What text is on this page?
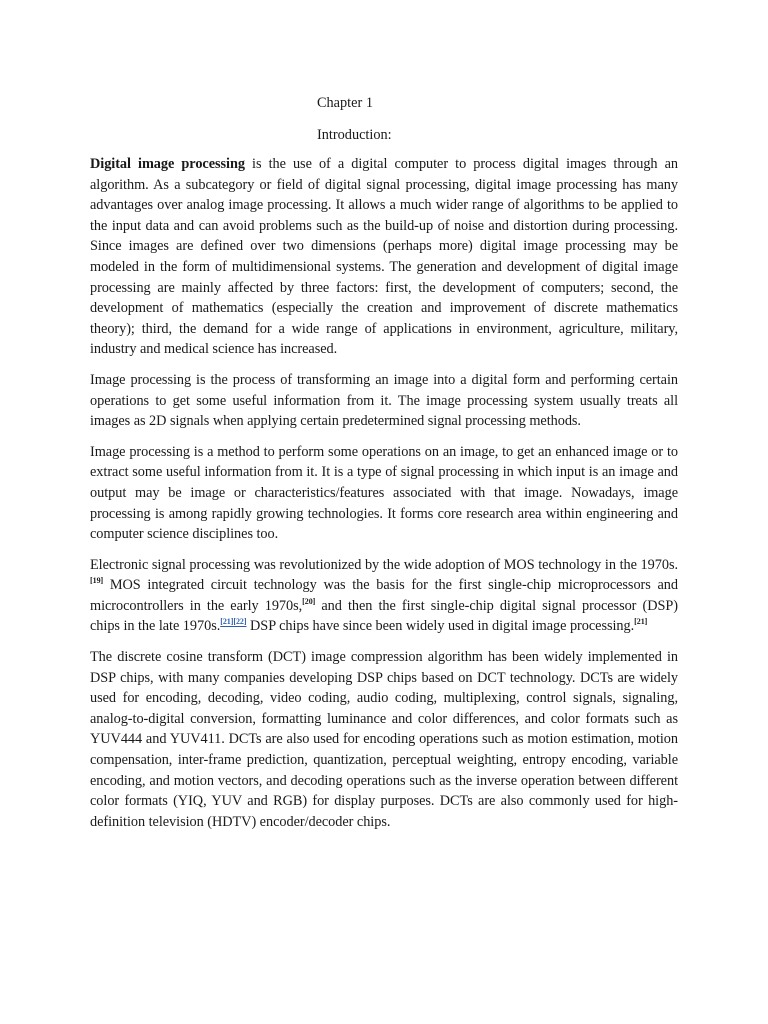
Chapter 1

Introduction:

Digital image processing is the use of a digital computer to process digital images through an algorithm. As a subcategory or field of digital signal processing, digital image processing has many advantages over analog image processing. It allows a much wider range of algorithms to be applied to the input data and can avoid problems such as the build-up of noise and distortion during processing. Since images are defined over two dimensions (perhaps more) digital image processing may be modeled in the form of multidimensional systems. The generation and development of digital image processing are mainly affected by three factors: first, the development of computers; second, the development of mathematics (especially the creation and improvement of discrete mathematics theory); third, the demand for a wide range of applications in environment, agriculture, military, industry and medical science has increased.

Image processing is the process of transforming an image into a digital form and performing certain operations to get some useful information from it. The image processing system usually treats all images as 2D signals when applying certain predetermined signal processing methods.

Image processing is a method to perform some operations on an image, to get an enhanced image or to extract some useful information from it. It is a type of signal processing in which input is an image and output may be image or characteristics/features associated with that image. Nowadays, image processing is among rapidly growing technologies. It forms core research area within engineering and computer science disciplines too.

Electronic signal processing was revolutionized by the wide adoption of MOS technology in the 1970s.[19] MOS integrated circuit technology was the basis for the first single-chip microprocessors and microcontrollers in the early 1970s,[20] and then the first single-chip digital signal processor (DSP) chips in the late 1970s.[21][22] DSP chips have since been widely used in digital image processing.[21]

The discrete cosine transform (DCT) image compression algorithm has been widely implemented in DSP chips, with many companies developing DSP chips based on DCT technology. DCTs are widely used for encoding, decoding, video coding, audio coding, multiplexing, control signals, signaling, analog-to-digital conversion, formatting luminance and color differences, and color formats such as YUV444 and YUV411. DCTs are also used for encoding operations such as motion estimation, motion compensation, inter-frame prediction, quantization, perceptual weighting, entropy encoding, variable encoding, and motion vectors, and decoding operations such as the inverse operation between different color formats (YIQ, YUV and RGB) for display purposes. DCTs are also commonly used for high-definition television (HDTV) encoder/decoder chips.
